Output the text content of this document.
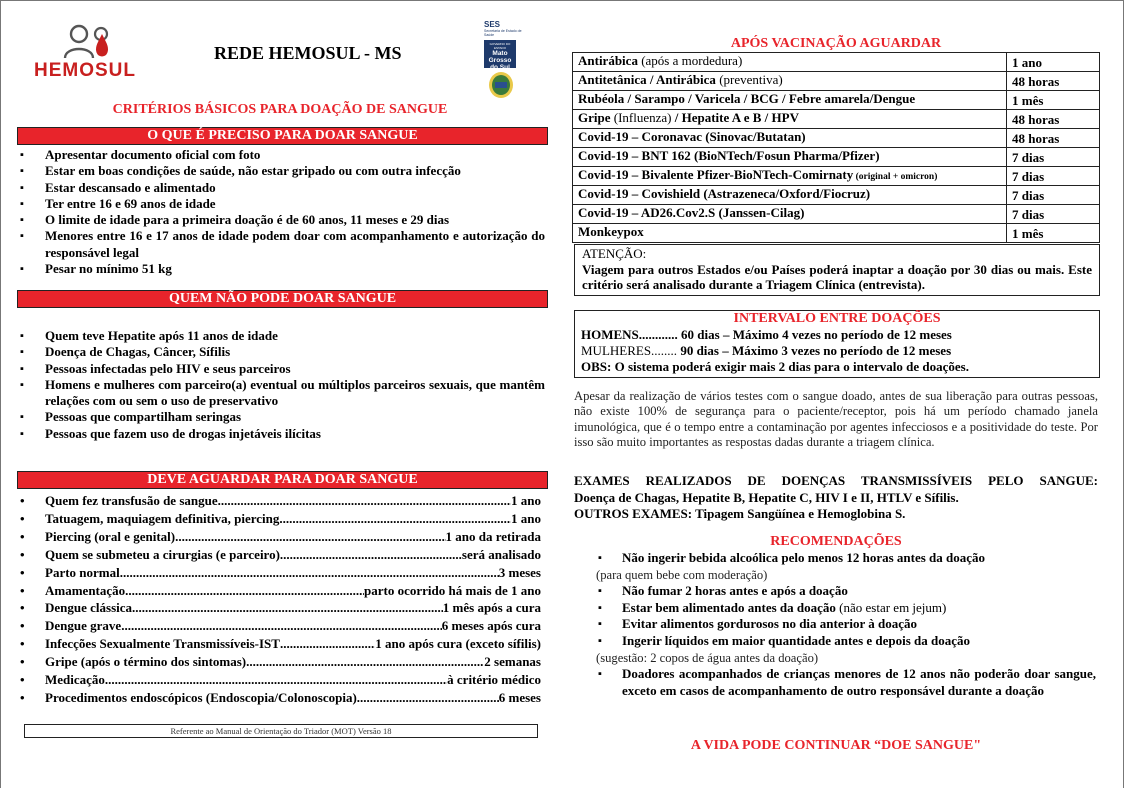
HEMOSUL
REDE HEMOSUL - MS
SES
Secretaria de Estado de Saúde
GOVERNO DO ESTADO
Mato
Grosso
do Sul
CRITÉRIOS BÁSICOS PARA DOAÇÃO DE SANGUE
O QUE É PRECISO PARA DOAR SANGUE
▪ Apresentar documento oficial com foto
▪ Estar em boas condições de saúde, não estar gripado ou com outra infecção
▪ Estar descansado e alimentado
▪ Ter entre 16 e 69 anos de idade
▪ O limite de idade para a primeira doação é de 60 anos, 11 meses e 29 dias
▪ Menores entre 16 e 17 anos de idade podem doar com acompanhamento e autorização do responsável legal
▪ Pesar no mínimo 51 kg
QUEM NÃO PODE DOAR SANGUE
▪ Quem teve Hepatite após 11 anos de idade
▪ Doença de Chagas, Câncer, Sífilis
▪ Pessoas infectadas pelo HIV e seus parceiros
▪ Homens e mulheres com parceiro(a) eventual ou múltiplos parceiros sexuais, que mantêm relações com ou sem o uso de preservativo
▪ Pessoas que compartilham seringas
▪ Pessoas que fazem uso de drogas injetáveis ilícitas
DEVE AGUARDAR PARA DOAR SANGUE
• Quem fez transfusão de sangue .....	1 ano
• Tatuagem, maquiagem definitiva, piercing .....	1 ano
• Piercing (oral e genital) .....	1 ano da retirada
• Quem se submeteu a cirurgias (e parceiro) .....	será analisado
• Parto normal .....	3 meses
• Amamentação .....	parto ocorrido há mais de 1 ano
• Dengue clássica .....	1 mês após a cura
• Dengue grave .....	6 meses após cura
• Infecções Sexualmente Transmissíveis-IST .....	1 ano após cura (exceto sífilis)
• Gripe (após o término dos sintomas) .....	2 semanas
• Medicação .....	à critério médico
• Procedimentos endoscópicos (Endoscopia/Colonoscopia) .....	6 meses
Referente ao Manual de Orientação do Triador (MOT) Versão 18
APÓS VACINAÇÃO AGUARDAR
Antirábica (após a mordedura)	1 ano
Antitetânica / Antirábica (preventiva)	48 horas
Rubéola / Sarampo / Varicela / BCG / Febre amarela/Dengue	1 mês
Gripe (Influenza) / Hepatite A e B / HPV	48 horas
Covid-19 – Coronavac (Sinovac/Butatan)	48 horas
Covid-19 – BNT 162 (BioNTech/Fosun Pharma/Pfizer)	7 dias
Covid-19 – Bivalente Pfizer-BioNTech-Comirnaty (original + omicron)	7 dias
Covid-19 – Covishield (Astrazeneca/Oxford/Fiocruz)	7 dias
Covid-19 – AD26.Cov2.S (Janssen-Cilag)	7 dias
Monkeypox	1 mês
ATENÇÃO:
Viagem para outros Estados e/ou Países poderá inaptar a doação por 30 dias ou mais. Este critério será analisado durante a Triagem Clínica (entrevista).
INTERVALO ENTRE DOAÇÕES
HOMENS............ 60 dias – Máximo 4 vezes no período de 12 meses
MULHERES........ 90 dias – Máximo 3 vezes no período de 12 meses
OBS: O sistema poderá exigir mais 2 dias para o intervalo de doações.
Apesar da realização de vários testes com o sangue doado, antes de sua liberação para outras pessoas, não existe 100% de segurança para o paciente/receptor, pois há um período chamado janela imunológica, que é o tempo entre a contaminação por agentes infecciosos e a positividade do teste. Por isso são muito importantes as respostas dadas durante a triagem clínica.
EXAMES REALIZADOS DE DOENÇAS TRANSMISSÍVEIS PELO SANGUE:
Doença de Chagas, Hepatite B, Hepatite C, HIV I e II, HTLV e Sífilis.
OUTROS EXAMES: Tipagem Sangüínea e Hemoglobina S.
RECOMENDAÇÕES
▪ Não ingerir bebida alcoólica pelo menos 12 horas antes da doação
(para quem bebe com moderação)
▪ Não fumar 2 horas antes e após a doação
▪ Estar bem alimentado antes da doação (não estar em jejum)
▪ Evitar alimentos gordurosos no dia anterior à doação
▪ Ingerir líquidos em maior quantidade antes e depois da doação
(sugestão: 2 copos de água antes da doação)
▪ Doadores acompanhados de crianças menores de 12 anos não poderão doar sangue, exceto em casos de acompanhamento de outro responsável durante a doação
A VIDA PODE CONTINUAR “DOE SANGUE"
